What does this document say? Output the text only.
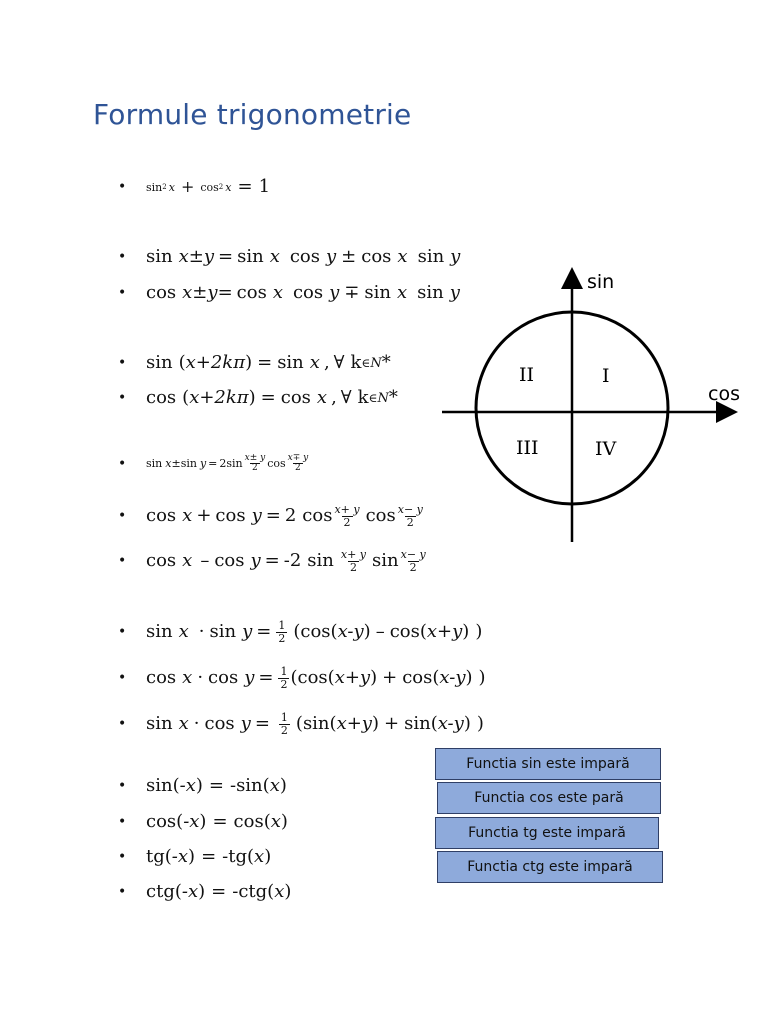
Formule trigonometrie
•	sin 2 x + cos 2 x = 1
•	sin x±y = sin x cos y ± cos x sin y
•	cos x±y = cos x cos y ∓ sin x sin y
•	sin ( x+2kπ ) = sin x , ∀ k ∈ N *
•	cos ( x+2kπ ) = cos x , ∀ k ∈ N *
•	sin x ± sin y = 2 $\sin \frac{x\pm y}{2}$ $\cos \frac{x\mp y}{2}$
•	cos x + cos y = 2 $\cos \frac{x+ y}{2}$ $\cos \frac{x- y}{2}$
•	cos x – cos y = -2 $\sin \frac{x+ y}{2}$ $\sin \frac{x- y}{2}$
•	$\sin x \cdot \sin y = \frac{1}{2}$ ( cos ( x-y ) – cos ( x+y ) )
•	$\cos x \cdot \cos y = \frac{1}{2}$ ( cos ( x+y ) + cos ( x-y ) )
•	$\sin x \cdot \cos y = \frac{1}{2}$ ( sin ( x+y ) + sin ( x-y ) )
•	sin ( -x ) = -sin ( x )
•	cos ( -x ) = cos ( x )
•	tg ( -x ) = -tg ( x )
•	ctg ( -x ) = -ctg ( x )
sin
cos
I
II
III	IV
Functia sin este impară
Functia cos este pară
Functia tg este impară
Functia ctg este impară
